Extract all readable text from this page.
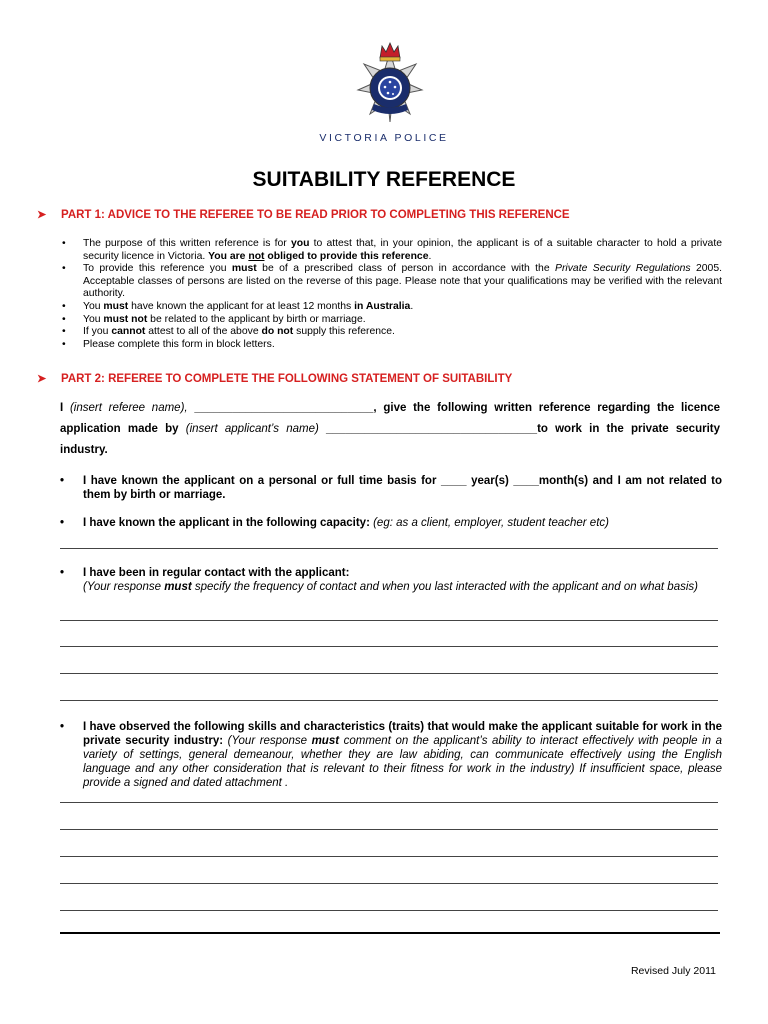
VICTORIA POLICE
SUITABILITY REFERENCE
➤ PART 1: ADVICE TO THE REFEREE TO BE READ PRIOR TO COMPLETING THIS REFERENCE
• The purpose of this written reference is for you to attest that, in your opinion, the applicant is of a suitable character to hold a private security licence in Victoria. You are not obliged to provide this reference.
• To provide this reference you must be of a prescribed class of person in accordance with the Private Security Regulations 2005. Acceptable classes of persons are listed on the reverse of this page. Please note that your qualifications may be verified with the relevant authority.
• You must have known the applicant for at least 12 months in Australia.
• You must not be related to the applicant by birth or marriage.
• If you cannot attest to all of the above do not supply this reference.
• Please complete this form in block letters.
➤ PART 2: REFEREE TO COMPLETE THE FOLLOWING STATEMENT OF SUITABILITY
I (insert referee name), ____________________________, give the following written reference regarding the licence application made by (insert applicant’s name) _________________________________to work in the private security industry.
• I have known the applicant on a personal or full time basis for ____ year(s) ____month(s) and I am not related to them by birth or marriage.
• I have known the applicant in the following capacity: (eg: as a client, employer, student teacher etc)
• I have been in regular contact with the applicant:
(Your response must specify the frequency of contact and when you last interacted with the applicant and on what basis)
• I have observed the following skills and characteristics (traits) that would make the applicant suitable for work in the private security industry: (Your response must comment on the applicant’s ability to interact effectively with people in a variety of settings, general demeanour, whether they are law abiding, can communicate effectively using the English language and any other consideration that is relevant to their fitness for work in the industry) If insufficient space, please provide a signed and dated attachment .
Revised July 2011
